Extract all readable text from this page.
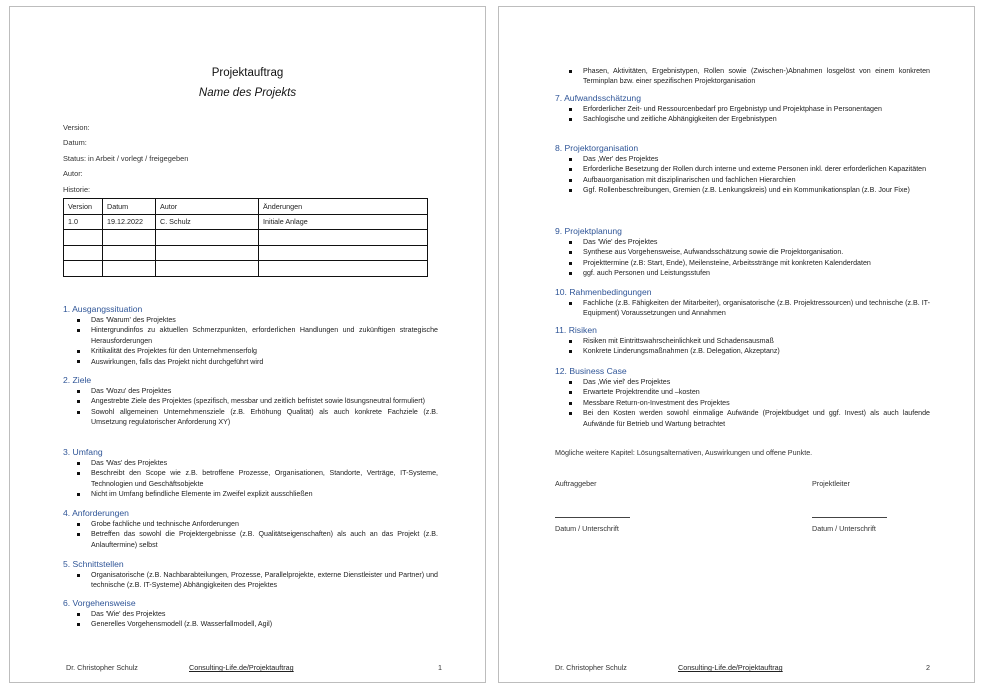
Projektauftrag
Name des Projekts
Version:
Datum:
Status: in Arbeit / vorlegt / freigegeben
Autor:
Historie:
Version	Datum	Autor	Änderungen
1.0	19.12.2022	C. Schulz	Initiale Anlage

1. Ausgangssituation
Das 'Warum' des Projektes
Hintergrundinfos zu aktuellen Schmerzpunkten, erforderlichen Handlungen und zukünftigen strategische Herausforderungen
Kritikalität des Projektes für den Unternehmenserfolg
Auswirkungen, falls das Projekt nicht durchgeführt wird
2. Ziele
Das 'Wozu' des Projektes
Angestrebte Ziele des Projektes (spezifisch, messbar und zeitlich befristet sowie lösungsneutral formuliert)
Sowohl allgemeinen Unternehmensziele (z.B. Erhöhung Qualität) als auch konkrete Fachziele (z.B. Umsetzung regulatorischer Anforderung XY)
3. Umfang
Das 'Was' des Projektes
Beschreibt den Scope wie z.B. betroffene Prozesse, Organisationen, Standorte, Verträge, IT-Systeme, Technologien und Geschäftsobjekte
Nicht im Umfang befindliche Elemente im Zweifel explizit ausschließen
4. Anforderungen
Grobe fachliche und technische Anforderungen
Betreffen das sowohl die Projektergebnisse (z.B. Qualitätseigenschaften) als auch an das Projekt (z.B. Anlauftermine) selbst
5. Schnittstellen
Organisatorische (z.B. Nachbarabteilungen, Prozesse, Parallelprojekte, externe Dienstleister und Partner) und technische (z.B. IT-Systeme) Abhängigkeiten des Projektes
6. Vorgehensweise
Das 'Wie' des Projektes
Generelles Vorgehensmodell (z.B. Wasserfallmodell, Agil)
Dr. Christopher Schulz	Consulting-Life.de/Projektauftrag	1
Phasen, Aktivitäten, Ergebnistypen, Rollen sowie (Zwischen-)Abnahmen losgelöst von einem konkreten Terminplan bzw. einer spezifischen Projektorganisation
7. Aufwandsschätzung
Erforderlicher Zeit- und Ressourcenbedarf pro Ergebnistyp und Projektphase in Personentagen
Sachlogische und zeitliche Abhängigkeiten der Ergebnistypen
8. Projektorganisation
Das ‚Wer' des Projektes
Erforderliche Besetzung der Rollen durch interne und externe Personen inkl. derer erforderlichen Kapazitäten
Aufbauorganisation mit disziplinarischen und fachlichen Hierarchien
Ggf. Rollenbeschreibungen, Gremien (z.B. Lenkungskreis) und ein Kommunikationsplan (z.B. Jour Fixe)
9. Projektplanung
Das 'Wie' des Projektes
Synthese aus Vorgehensweise, Aufwandsschätzung sowie die Projektorganisation.
Projekttermine (z.B: Start, Ende), Meilensteine, Arbeitsstränge mit konkreten Kalenderdaten
ggf. auch Personen und Leistungsstufen
10. Rahmenbedingungen
Fachliche (z.B. Fähigkeiten der Mitarbeiter), organisatorische (z.B. Projektressourcen) und technische (z.B. IT-Equipment) Voraussetzungen und Annahmen
11. Risiken
Risiken mit Eintrittswahrscheinlichkeit und Schadensausmaß
Konkrete Linderungsmaßnahmen (z.B. Delegation, Akzeptanz)
12. Business Case
Das ‚Wie viel' des Projektes
Erwartete Projektrendite und –kosten
Messbare Return-on-Investment des Projektes
Bei den Kosten werden sowohl einmalige Aufwände (Projektbudget und ggf. Invest) als auch laufende Aufwände für Betrieb und Wartung betrachtet
Mögliche weitere Kapitel: Lösungsalternativen, Auswirkungen und offene Punkte.
Auftraggeber	Projektleiter
Datum / Unterschrift	Datum / Unterschrift
Dr. Christopher Schulz	Consulting-Life.de/Projektauftrag	2
